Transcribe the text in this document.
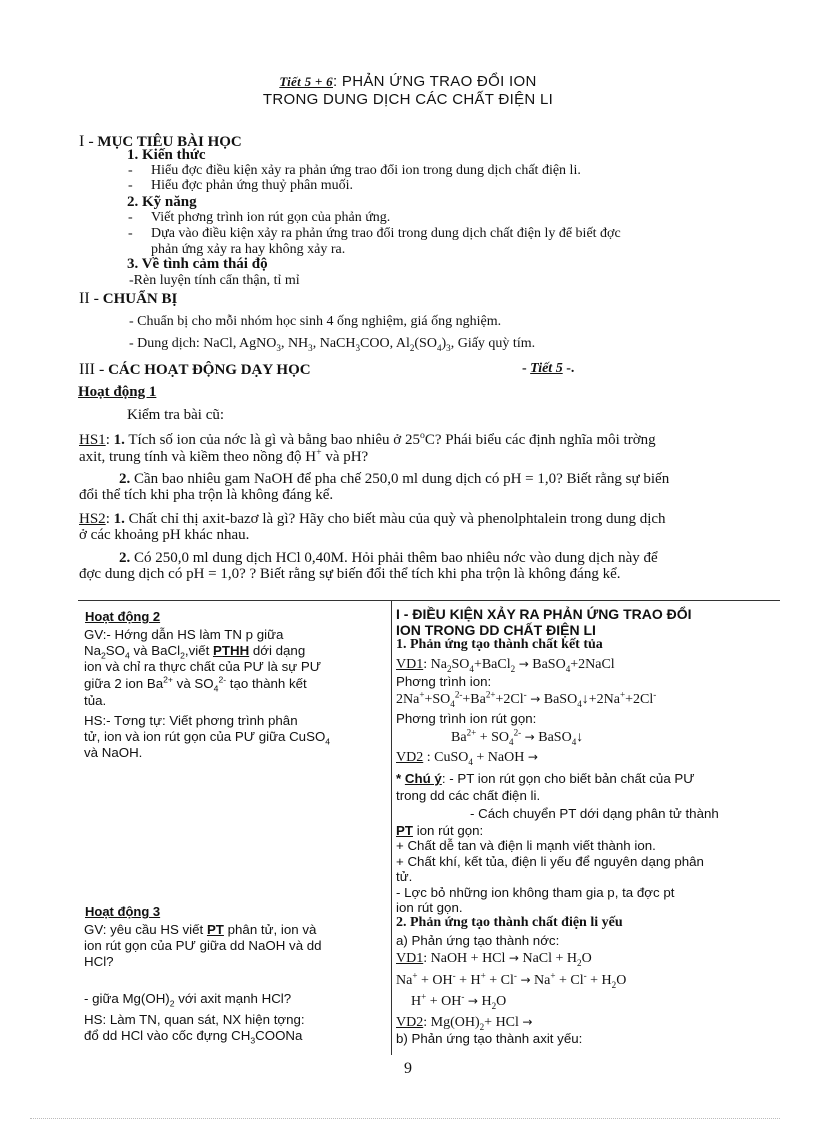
Tiết 5 + 6: PHẢN ỨNG TRAO ĐỔI ION
TRONG DUNG DỊCH CÁC CHẤT ĐIỆN LI
I - MỤC TIÊU BÀI HỌC
1. Kiến thức
- Hiểu đợc điều kiện xảy ra phản ứng trao đổi ion trong dung dịch chất điện li.
- Hiểu đợc phản ứng thuỷ phân muối.
2. Kỹ năng
- Viết phơng trình ion rút gọn của phản ứng.
- Dựa vào điều kiện xảy ra phản ứng trao đổi trong dung dịch chất điện ly để biết đợc
phản ứng xảy ra hay không xảy ra.
3. Về tình cảm thái độ
-Rèn luyện tính cẩn thận, tỉ mỉ
II - CHUẨN BỊ
- Chuẩn bị cho mỗi nhóm học sinh 4 ống nghiệm, giá ống nghiệm.
- Dung dịch: NaCl, AgNO$_3$, $NH_3$, NaCH$_3$COO, $Al_2(SO_4)_3$, Giấy quỳ tím.
III - CÁC HOẠT ĐỘNG DẠY HỌC	- Tiết 5 -.
Hoạt động 1
Kiểm tra bài cũ:
HS1: 1. Tích số ion của nớc là gì và bằng bao nhiêu ở 25$^o$C? Phái biểu các định nghĩa môi trờng
axit, trung tính và kiềm theo nồng độ H+ và pH?
2. Cần bao nhiêu gam NaOH để pha chế 250,0 ml dung dịch có pH = 1,0? Biết rằng sự biến
đổi thể tích khi pha trộn là không đáng kể.
HS2: 1. Chất chỉ thị axit-bazơ là gì? Hãy cho biết màu của quỳ và phenolphtalein trong dung dịch
ở các khoảng pH khác nhau.
2. Có 250,0 ml dung dịch HCl 0,40M. Hỏi phải thêm bao nhiêu nớc vào dung dịch này để
đợc dung dịch có pH = 1,0? ? Biết rằng sự biến đổi thể tích khi pha trộn là không đáng kể.
Hoạt động 2
GV:- Hớng dẫn HS làm TN p giữa
$Na_2SO_4$ và BaCl$_2$,viết PTHH dới dạng
ion và chỉ ra thực chất của PƯ là sự PƯ
giữa 2 ion $Ba^{2+}$ và $SO_4^{2-}$ tạo thành kết
tủa.
HS:- Tơng tự: Viết phơng trình phân
tử, ion và ion rút gọn của PƯ giữa CuSO$_4$
và NaOH.
Hoạt động 3
GV: yêu cầu HS viết PT phân tử, ion và
ion rút gọn của PƯ giữa dd NaOH và dd
HCl?
- giữa $Mg(OH)_2$ với axit mạnh HCl?
HS: Làm TN, quan sát, NX hiện tợng:
đổ dd HCl vào cốc đựng $CH_3COONa$
I - ĐIỀU KIỆN XẢY RA PHẢN ỨNG TRAO ĐỔI
ION TRONG DD CHẤT ĐIỆN LI
1. Phản ứng tạo thành chất kết tủa
VD1: $Na_2SO_4+BaCl_2$ → BaSO$_4$+2NaCl
Phơng trình ion:
$2Na^++SO_4^{2-}+Ba^{2+}+2Cl^-$ → BaSO$_4$↓+2Na++2Cl-
Phơng trình ion rút gọn:
$Ba^{2+} + SO_4^{2-}$ → BaSO$_4$↓
VD2 : CuSO$_4$ + NaOH →
* Chú ý: - PT ion rút gọn cho biết bản chất của PƯ
trong dd các chất điện li.
- Cách chuyển PT dới dạng phân tử thành
PT ion rút gọn:
+ Chất dễ tan và điện li mạnh viết thành ion.
+ Chất khí, kết tủa, điện li yếu để nguyên dạng phân
tử.
- Lợc bỏ những ion không tham gia p, ta đợc pt
ion rút gọn.
2. Phản ứng tạo thành chất điện li yếu
a) Phản ứng tạo thành nớc:
VD1: NaOH + HCl → NaCl + $H_2O$
$Na^+ + OH^- + H^+ + Cl^- \to Na^+ + Cl^- + H_2O$
$H^+ + OH^- \to H_2O$
VD2: $Mg(OH)_2+$ HCl →
b) Phản ứng tạo thành axit yếu:
9
